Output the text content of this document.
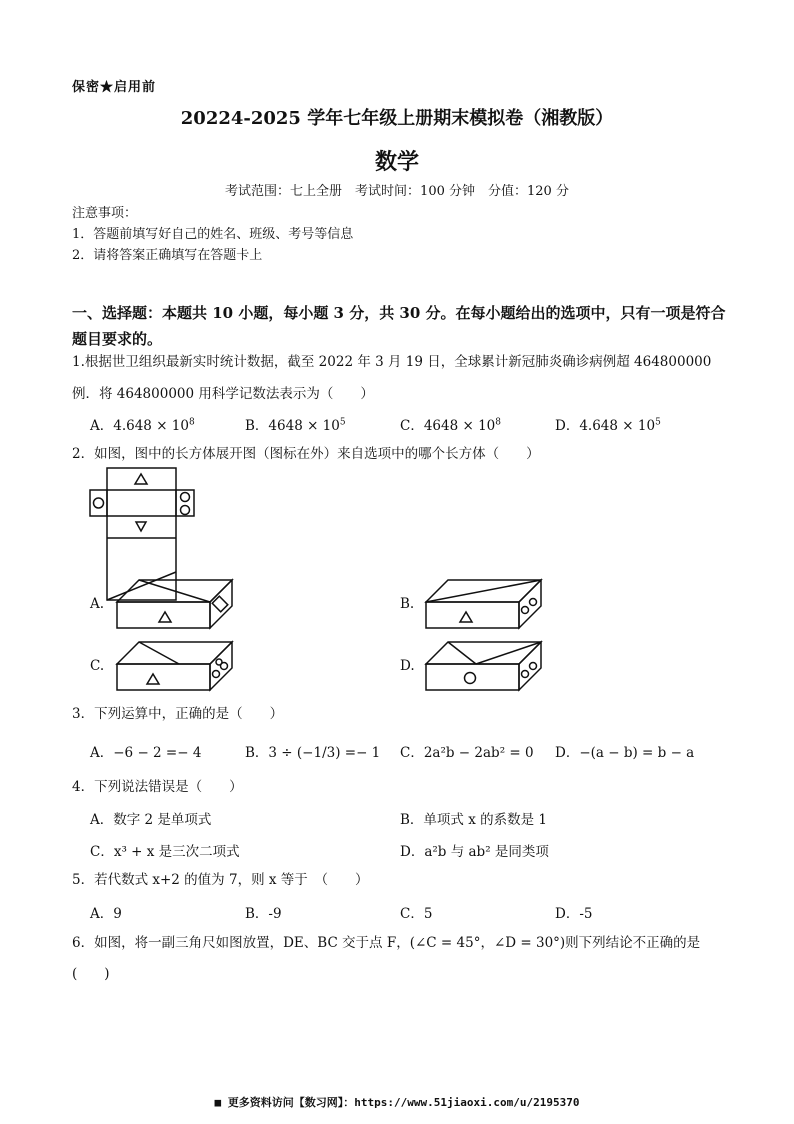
保密★启用前
20224-2025 学年七年级上册期末模拟卷（湘教版）
数学
考试范围：七上全册　考试时间：100 分钟　分值：120 分
注意事项：
1．答题前填写好自己的姓名、班级、考号等信息
2．请将答案正确填写在答题卡上
一、选择题：本题共 10 小题，每小题 3 分，共 30 分。在每小题给出的选项中，只有一项是符合题目要求的。
1.根据世卫组织最新实时统计数据，截至 2022 年 3 月 19 日，全球累计新冠肺炎确诊病例超 464800000
例．将 464800000 用科学记数法表示为（　　）
A．$4.648 \times 10^8$	B．$4648 \times 10^5$	C．$4648 \times 10^8$	D．$4.648 \times 10^5$
2．如图，图中的长方体展开图（图标在外）来自选项中的哪个长方体（　　）
A.	B.
C.	D.
3．下列运算中，正确的是（　　）
A．−6 − 2 =− 4	B．3 ÷ (−1/3) =− 1 C．2a²b − 2ab² = 0 D．−(a − b) = b − a
4．下列说法错误是（　　）
A．数字 2 是单项式	B．单项式 x 的系数是 1
C．x³ + x 是三次二项式	D．a²b 与 ab² 是同类项
5．若代数式 x+2 的值为 7，则 x 等于　（　　）
A．9	B．-9	C．5	D．-5
6．如图，将一副三角尺如图放置，DE、BC 交于点 F，(∠C = 45°，∠D = 30°)则下列结论不正确的是
(　　)
■ 更多资料访问【数习网】：https://www.51jiaoxi.com/u/2195370
